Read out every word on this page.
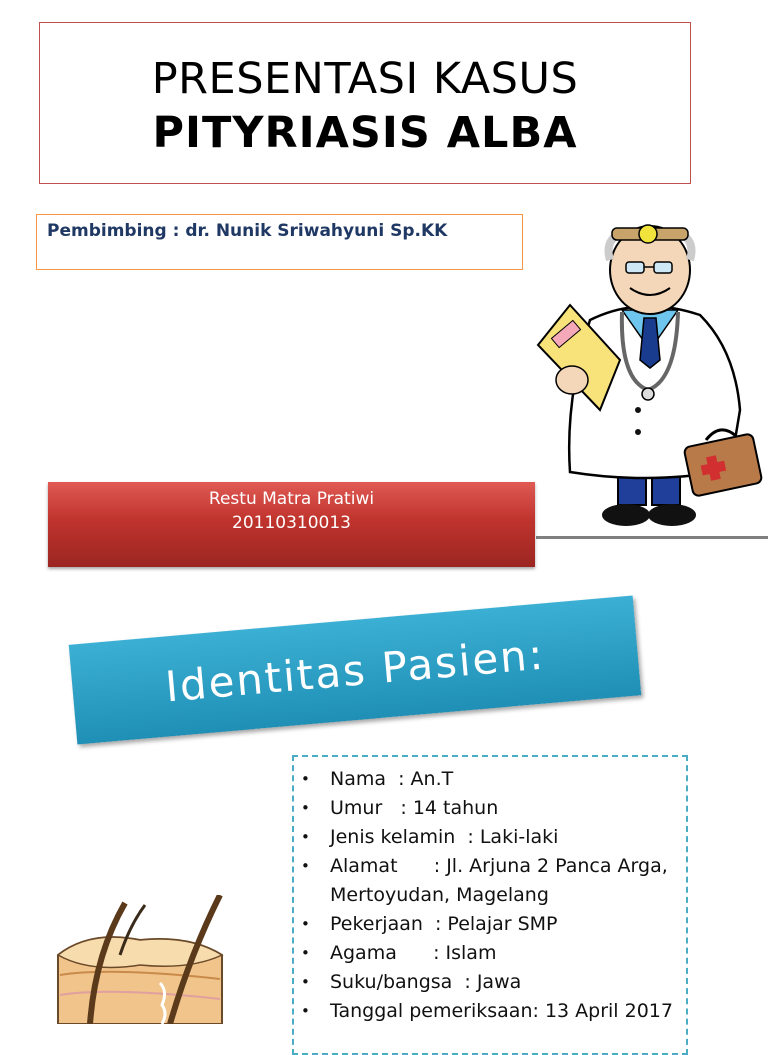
PRESENTASI KASUS
PITYRIASIS ALBA
Pembimbing : dr. Nunik Sriwahyuni Sp.KK
Restu Matra Pratiwi
20110310013
Identitas Pasien:
• Nama  : An.T
• Umur   : 14 tahun
• Jenis kelamin  : Laki-laki
• Alamat      : Jl. Arjuna 2 Panca Arga,     Mertoyudan, Magelang
• Pekerjaan  : Pelajar SMP
• Agama      : Islam
• Suku/bangsa  : Jawa
• Tanggal pemeriksaan: 13 April 2017
